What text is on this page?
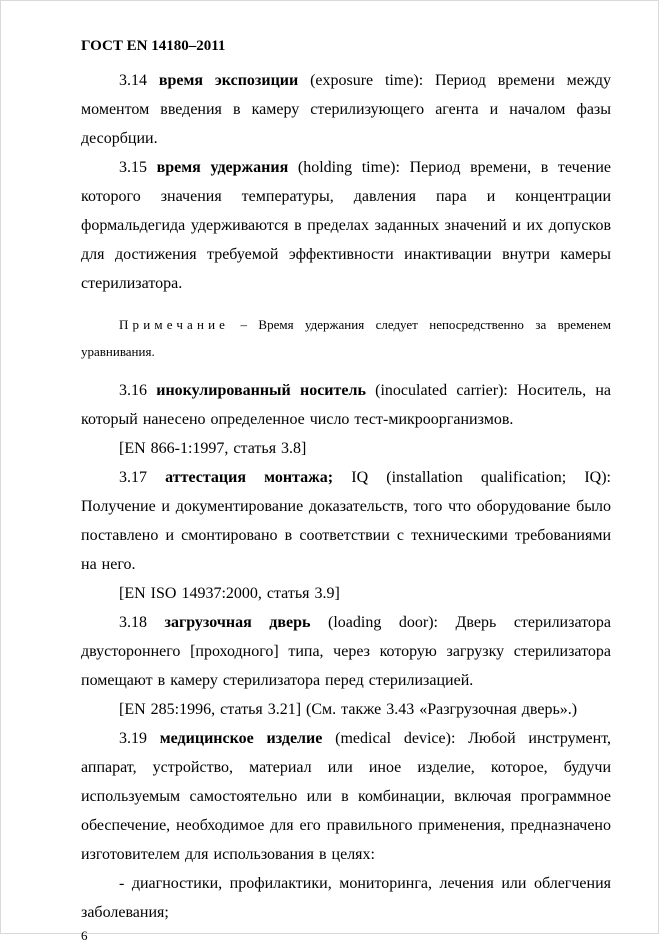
ГОСТ EN 14180–2011

3.14 время экспозиции (exposure time): Период времени между моментом введения в камеру стерилизующего агента и началом фазы десорбции.

3.15 время удержания (holding time): Период времени, в течение которого значения температуры, давления пара и концентрации формальдегида удерживаются в пределах заданных значений и их допусков для достижения требуемой эффективности инактивации внутри камеры стерилизатора.

Примечание – Время удержания следует непосредственно за временем уравнивания.

3.16 инокулированный носитель (inoculated carrier): Носитель, на который нанесено определенное число тест-микроорганизмов.

[EN 866-1:1997, статья 3.8]

3.17 аттестация монтажа; IQ (installation qualification; IQ): Получение и документирование доказательств, того что оборудование было поставлено и смонтировано в соответствии с техническими требованиями на него.

[EN ISO 14937:2000, статья 3.9]

3.18 загрузочная дверь (loading door): Дверь стерилизатора двустороннего [проходного] типа, через которую загрузку стерилизатора помещают в камеру стерилизатора перед стерилизацией.

[EN 285:1996, статья 3.21] (См. также 3.43 «Разгрузочная дверь».)

3.19 медицинское изделие (medical device): Любой инструмент, аппарат, устройство, материал или иное изделие, которое, будучи используемым самостоятельно или в комбинации, включая программное обеспечение, необходимое для его правильного применения, предназначено изготовителем для использования в целях:

- диагностики, профилактики, мониторинга, лечения или облегчения заболевания;

6
